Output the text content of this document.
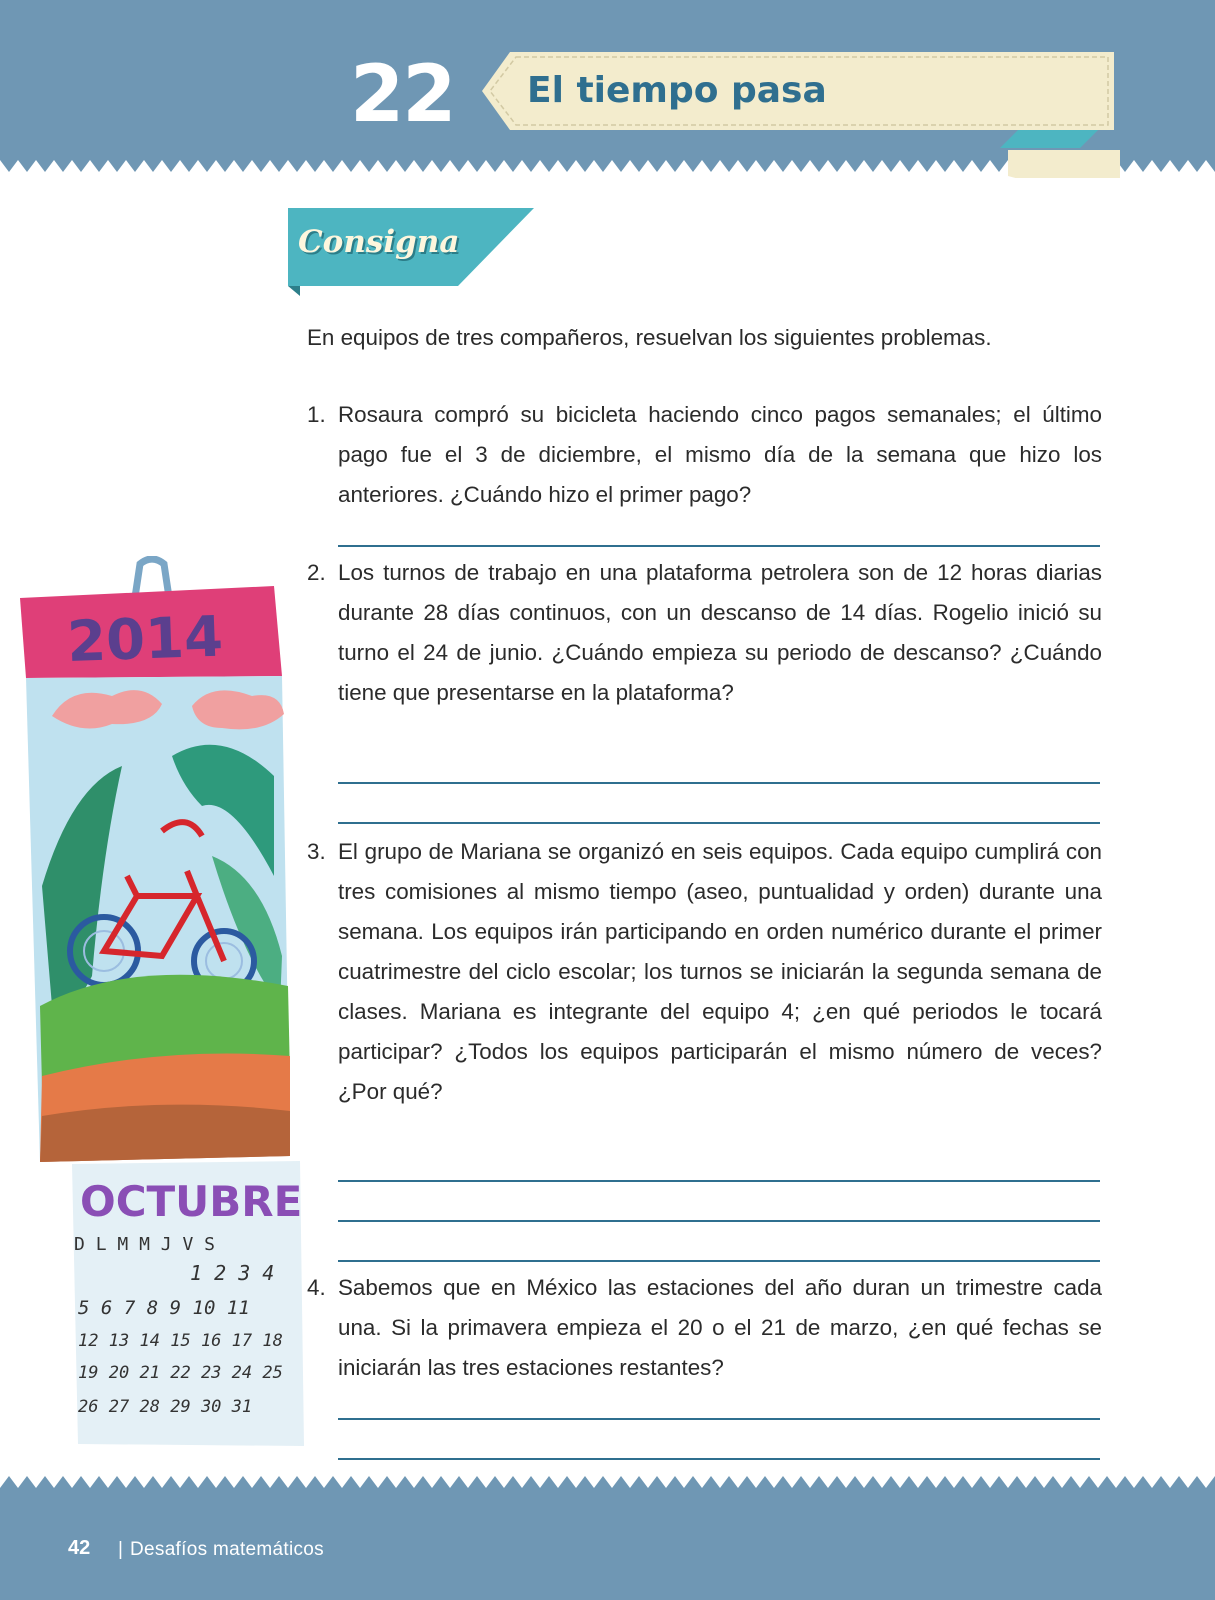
22 El tiempo pasa
Consigna
En equipos de tres compañeros, resuelvan los siguientes problemas.
1. Rosaura compró su bicicleta haciendo cinco pagos semanales; el último pago fue el 3 de diciembre, el mismo día de la semana que hizo los anteriores. ¿Cuándo hizo el primer pago?
2. Los turnos de trabajo en una plataforma petrolera son de 12 horas diarias durante 28 días continuos, con un descanso de 14 días. Rogelio inició su turno el 24 de junio. ¿Cuándo empieza su periodo de descanso? ¿Cuándo tiene que presentarse en la plataforma?
3. El grupo de Mariana se organizó en seis equipos. Cada equipo cumplirá con tres comisiones al mismo tiempo (aseo, puntualidad y orden) durante una semana. Los equipos irán participando en orden numérico durante el primer cuatrimestre del ciclo escolar; los turnos se iniciarán la segunda semana de clases. Mariana es integrante del equipo 4; ¿en qué periodos le tocará participar? ¿Todos los equipos participarán el mismo número de veces? ¿Por qué?
4. Sabemos que en México las estaciones del año duran un trimestre cada una. Si la primavera empieza el 20 o el 21 de marzo, ¿en qué fechas se iniciarán las tres estaciones restantes?
2014
OCTUBRE
D L M M J V S
1 2 3 4
5 6 7 8 9 10 11
12 13 14 15 16 17 18
19 20 21 22 23 24 25
26 27 28 29 30 31
42 | Desafíos matemáticos
